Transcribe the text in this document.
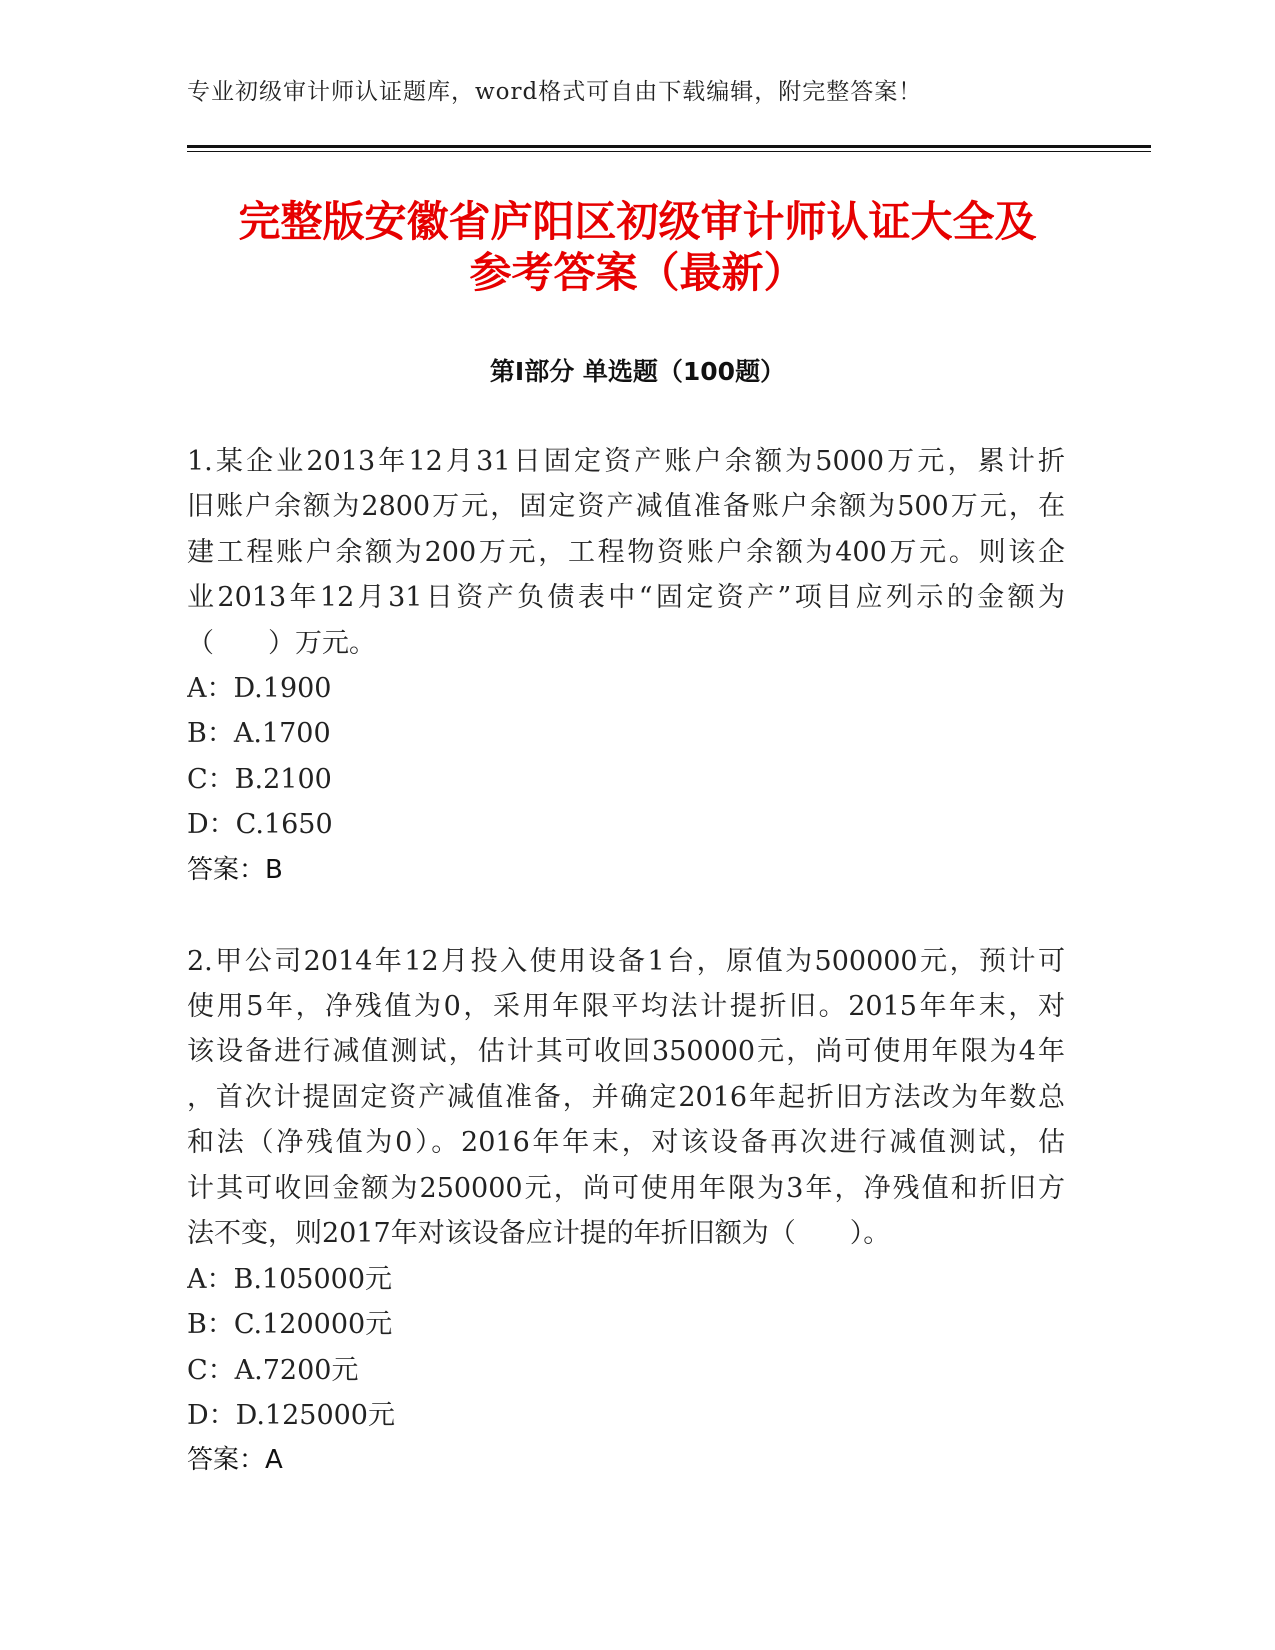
专业初级审计师认证题库，word格式可自由下载编辑，附完整答案！
完整版安徽省庐阳区初级审计师认证大全及
参考答案（最新）
第Ⅰ部分 单选题（100题）
1.某企业2013年12月31日固定资产账户余额为5000万元，累计折
旧账户余额为2800万元，固定资产减值准备账户余额为500万元，在
建工程账户余额为200万元，工程物资账户余额为400万元。则该企
业2013年12月31日资产负债表中“固定资产”项目应列示的金额为
（　　）万元。
A：D.1900
B：A.1700
C：B.2100
D：C.1650
答案：B
2.甲公司2014年12月投入使用设备1台，原值为500000元，预计可
使用5年，净残值为0，采用年限平均法计提折旧。2015年年末，对
该设备进行减值测试，估计其可收回350000元，尚可使用年限为4年
，首次计提固定资产减值准备，并确定2016年起折旧方法改为年数总
和法（净残值为0）。2016年年末，对该设备再次进行减值测试，估
计其可收回金额为250000元，尚可使用年限为3年，净残值和折旧方
法不变，则2017年对该设备应计提的年折旧额为（　　）。
A：B.105000元
B：C.120000元
C：A.7200元
D：D.125000元
答案：A
